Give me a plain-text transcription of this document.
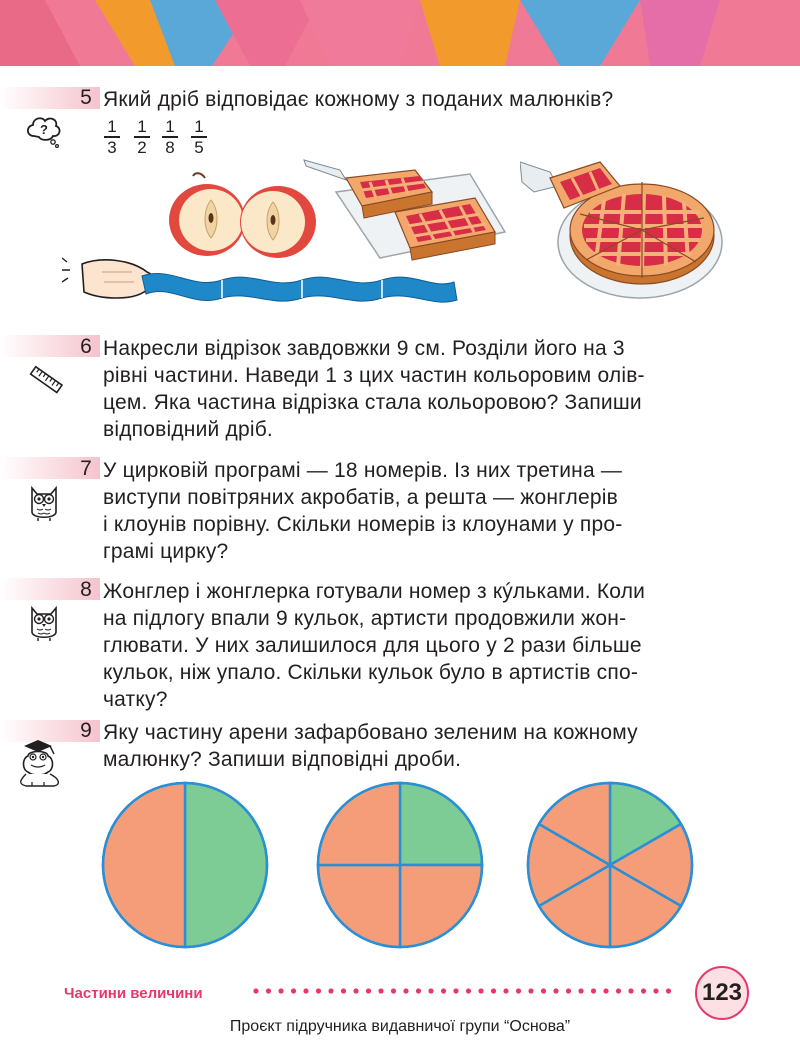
5 Який дріб відповідає кожному з поданих малюнків?
?	1
3
1
2
1
8
1
5
6 Накресли відрізок завдовжки 9 см. Розділи його на 3
рівні частини. Наведи 1 з цих частин кольоровим олів-
цем. Яка частина відрізка стала кольоровою? Запиши
відповідний дріб.
7 У цирковій програмі — 18 номерів. Із них третина —
виступи повітряних акробатів, а решта — жонглерів
і клоунів порівну. Скільки номерів із клоунами у про-
грамі цирку?
8 Жонглер і жонглерка готували номер з кýльками. Коли
на підлогу впали 9 кульок, артисти продовжили жон-
глювати. У них залишилося для цього у 2 рази більше
кульок, ніж упало. Скільки кульок було в артистів спо-
чатку?
9 Яку частину арени зафарбовано зеленим на кожному
малюнку? Запиши відповідні дроби.
Частини величини	123
Проєкт підручника видавничої групи “Основа”
